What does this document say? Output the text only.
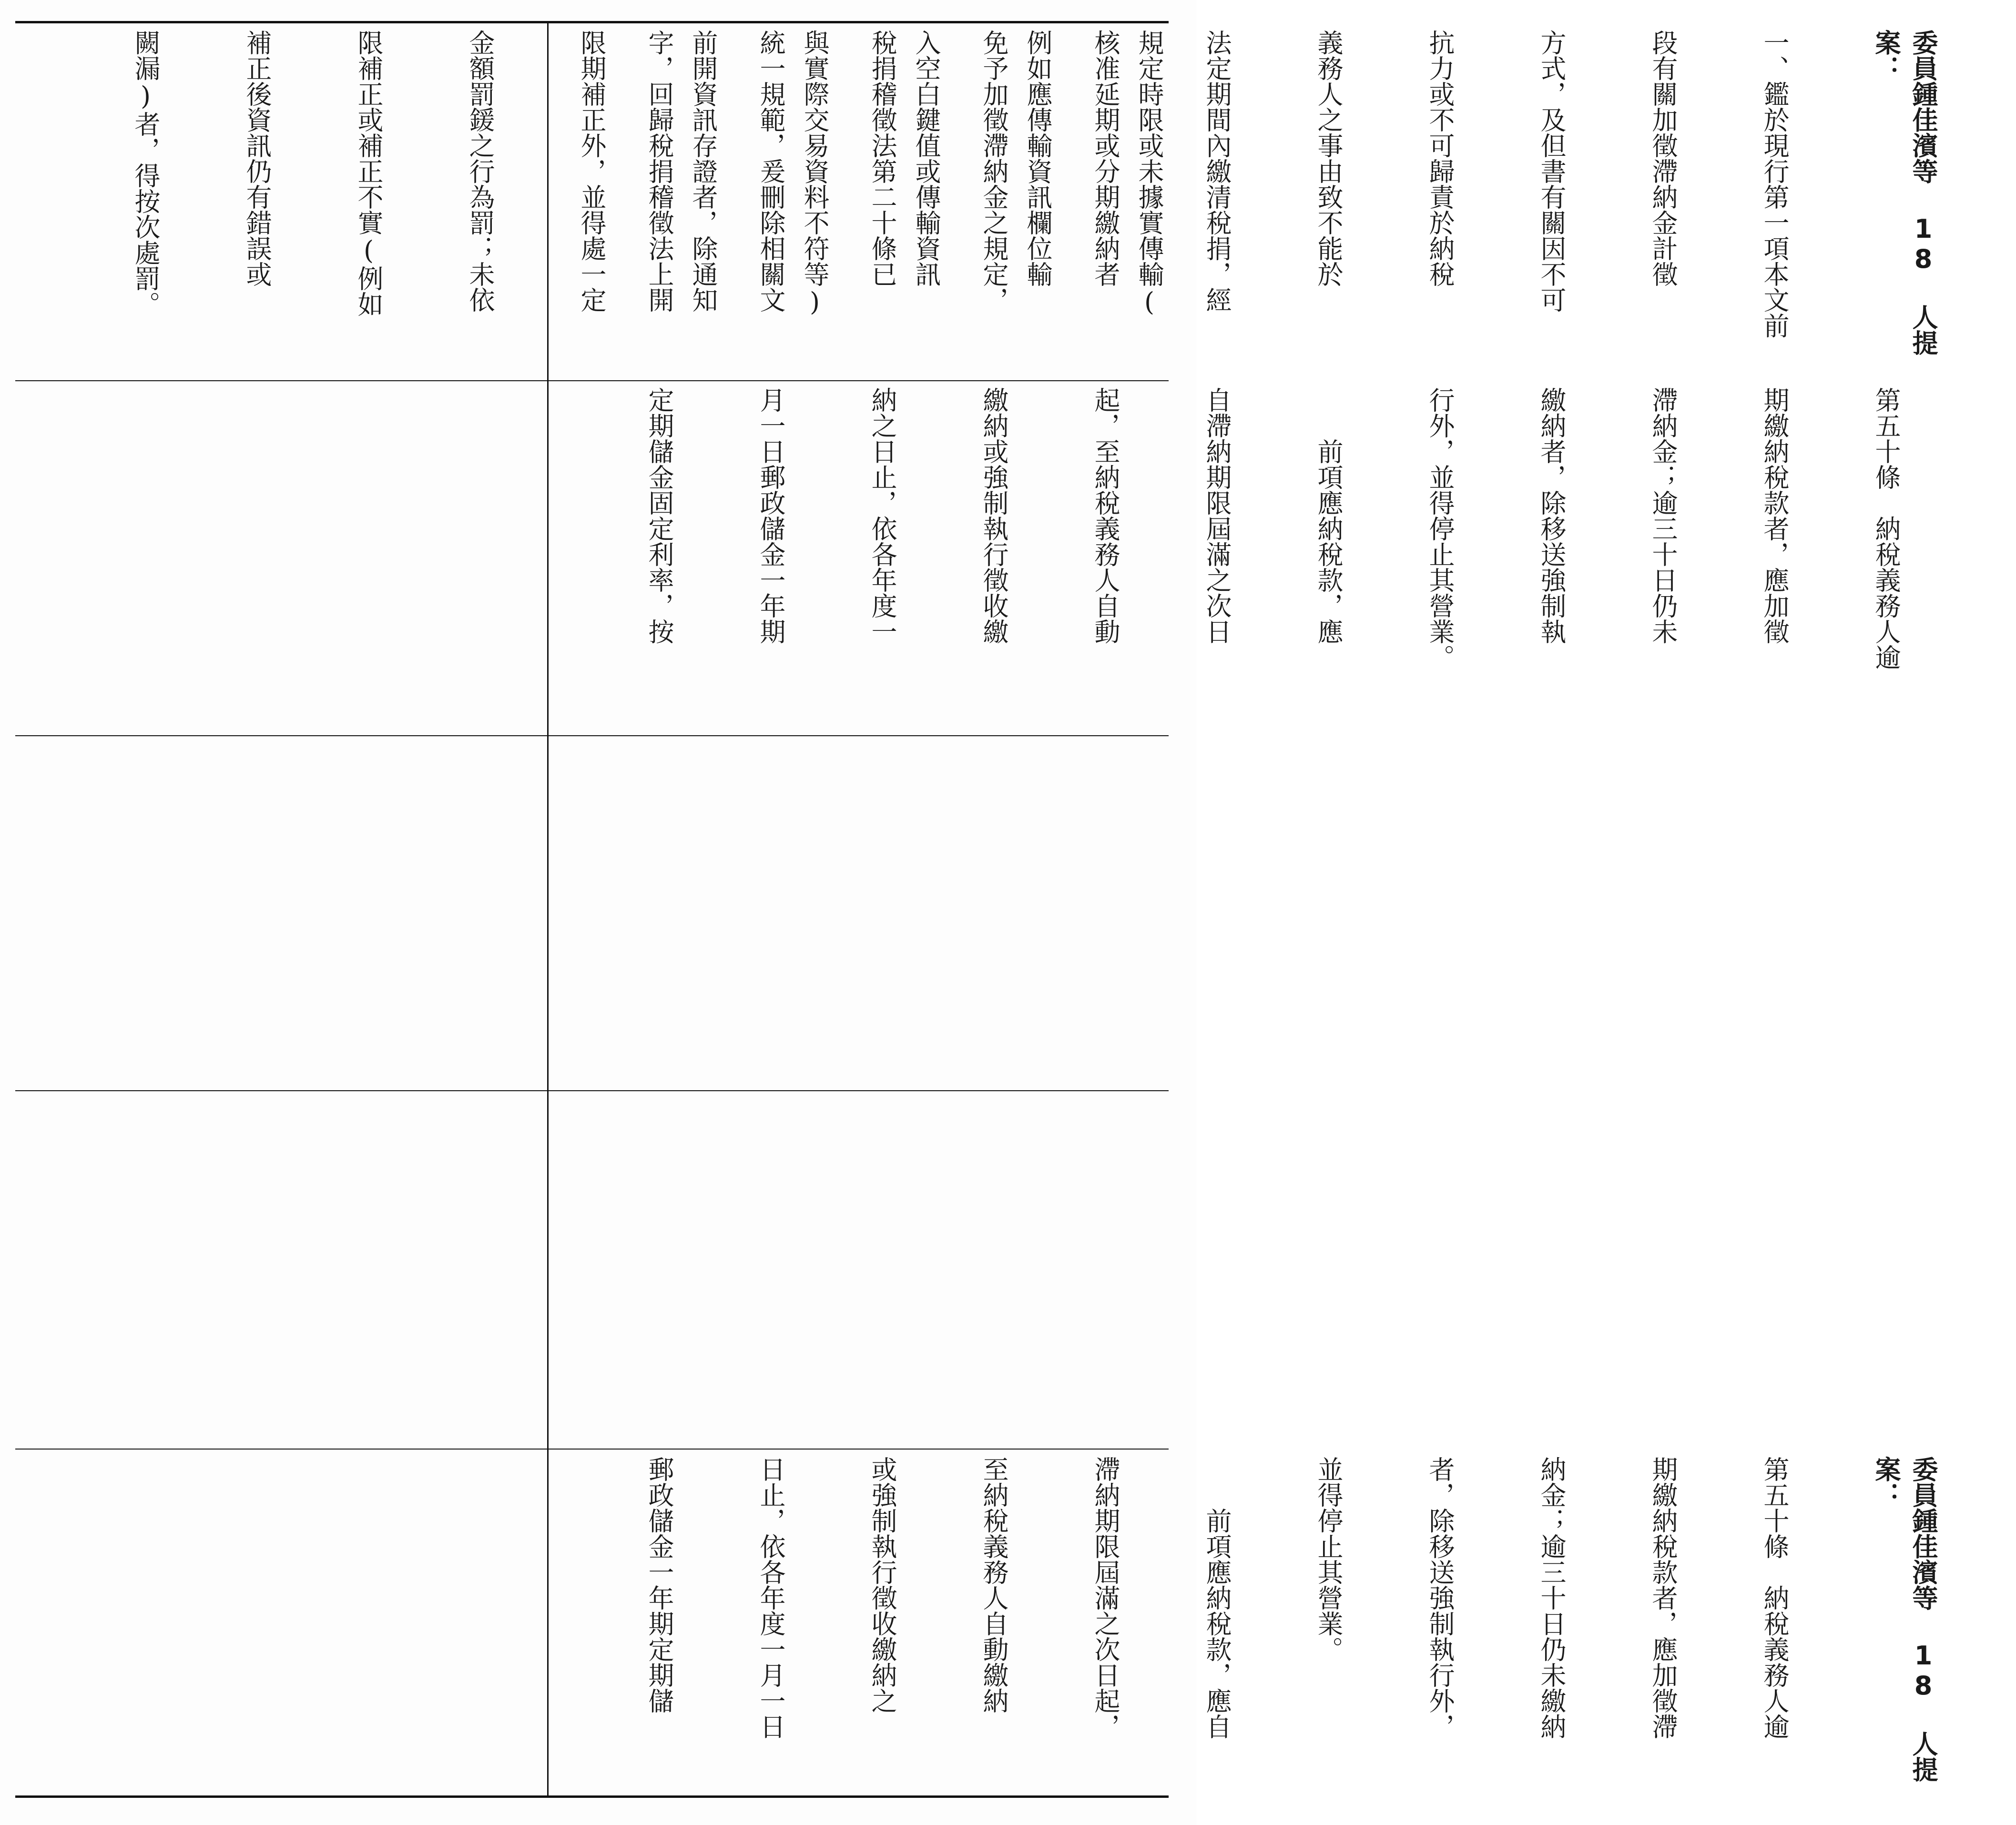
規定時限或未據實傳輸(

例如應傳輸資訊欄位輸

入空白鍵值或傳輸資訊

與實際交易資料不符等)

前開資訊存證者，除通知

限期補正外，並得處一定

金額罰鍰之行為罰；未依

限補正或補正不實(例如

補正後資訊仍有錯誤或

闕漏)者，得按次處罰。

	委員鍾佳濱等 18 人提案：

一、鑑於現行第一項本文前

段有關加徵滯納金計徵

方式，及但書有關因不可

抗力或不可歸責於納稅

義務人之事由致不能於

法定期間內繳清稅捐，經

核准延期或分期繳納者

免予加徵滯納金之規定，

稅捐稽徵法第二十條已

統一規範，爰刪除相關文

字，回歸稅捐稽徵法上開

第五十條　納稅義務人逾

期繳納稅款者，應加徵

滯納金；逾三十日仍未

繳納者，除移送強制執

行外，並得停止其營業。

　　前項應納稅款，應

自滯納期限屆滿之次日

起，至納稅義務人自動

繳納或強制執行徵收繳

納之日止，依各年度一

月一日郵政儲金一年期

定期儲金固定利率，按

委員鍾佳濱等 18 人提案：

第五十條　納稅義務人逾

期繳納稅款者，應加徵滯

納金；逾三十日仍未繳納

者，除移送強制執行外，

並得停止其營業。

　　前項應納稅款，應自

滯納期限屆滿之次日起，

至納稅義務人自動繳納

或強制執行徵收繳納之

日止，依各年度一月一日

郵政儲金一年期定期儲
